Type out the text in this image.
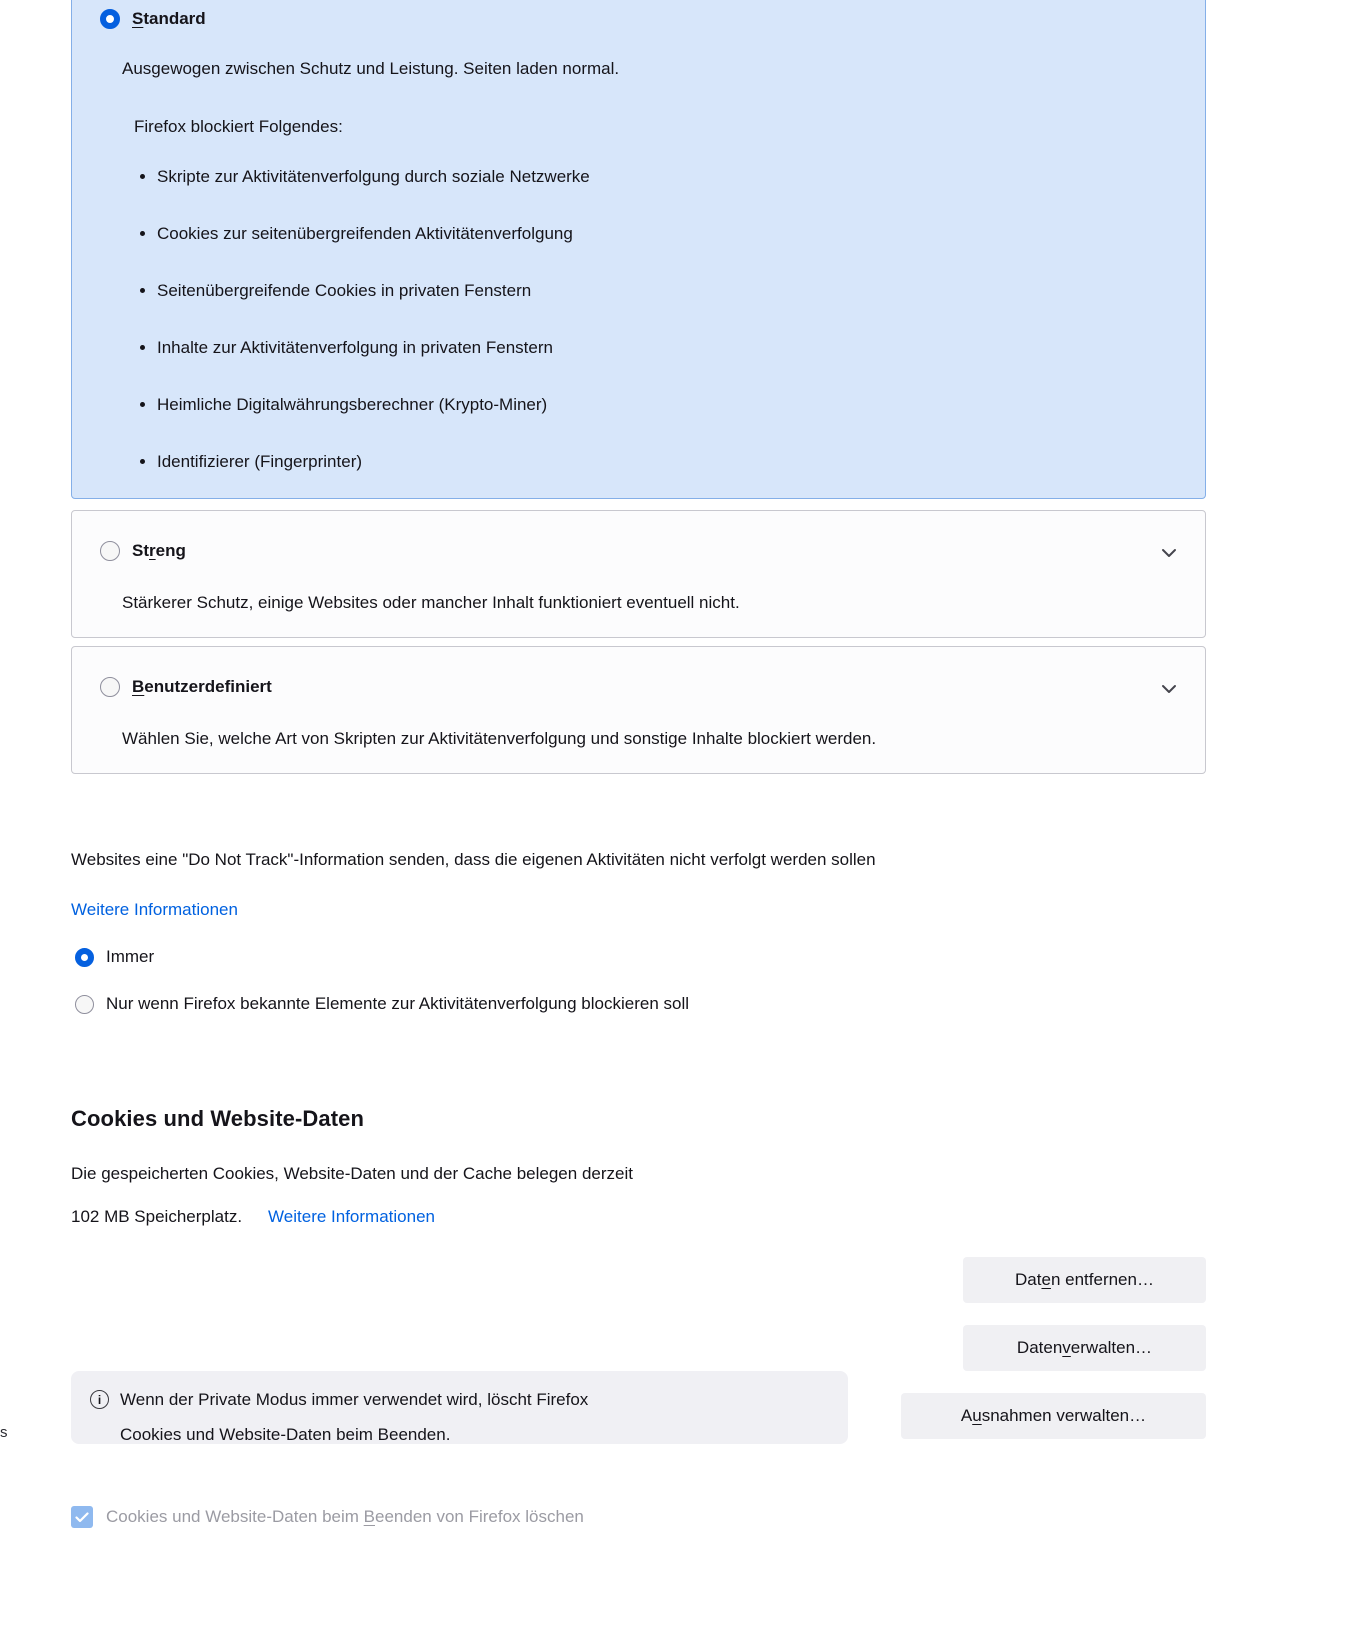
Standard
Ausgewogen zwischen Schutz und Leistung. Seiten laden normal.
Firefox blockiert Folgendes:
• Skripte zur Aktivitätenverfolgung durch soziale Netzwerke
• Cookies zur seitenübergreifenden Aktivitätenverfolgung
• Seitenübergreifende Cookies in privaten Fenstern
• Inhalte zur Aktivitätenverfolgung in privaten Fenstern
• Heimliche Digitalwährungsberechner (Krypto-Miner)
• Identifizierer (Fingerprinter)
Streng
Stärkerer Schutz, einige Websites oder mancher Inhalt funktioniert eventuell nicht.
Benutzerdefiniert
Wählen Sie, welche Art von Skripten zur Aktivitätenverfolgung und sonstige Inhalte blockiert werden.
Websites eine "Do Not Track"-Information senden, dass die eigenen Aktivitäten nicht verfolgt werden sollen
Weitere Informationen
Immer
Nur wenn Firefox bekannte Elemente zur Aktivitätenverfolgung blockieren soll
Cookies und Website-Daten
Die gespeicherten Cookies, Website-Daten und der Cache belegen derzeit
102 MB Speicherplatz. Weitere Informationen
Dat e n entfernen…
Daten v erwalten…
A u snahmen verwalten…
i	Wenn der Private Modus immer verwendet wird, löscht Firefox
Cookies und Website-Daten beim Beenden.
Cookies und Website-Daten beim Beenden von Firefox löschen
s
